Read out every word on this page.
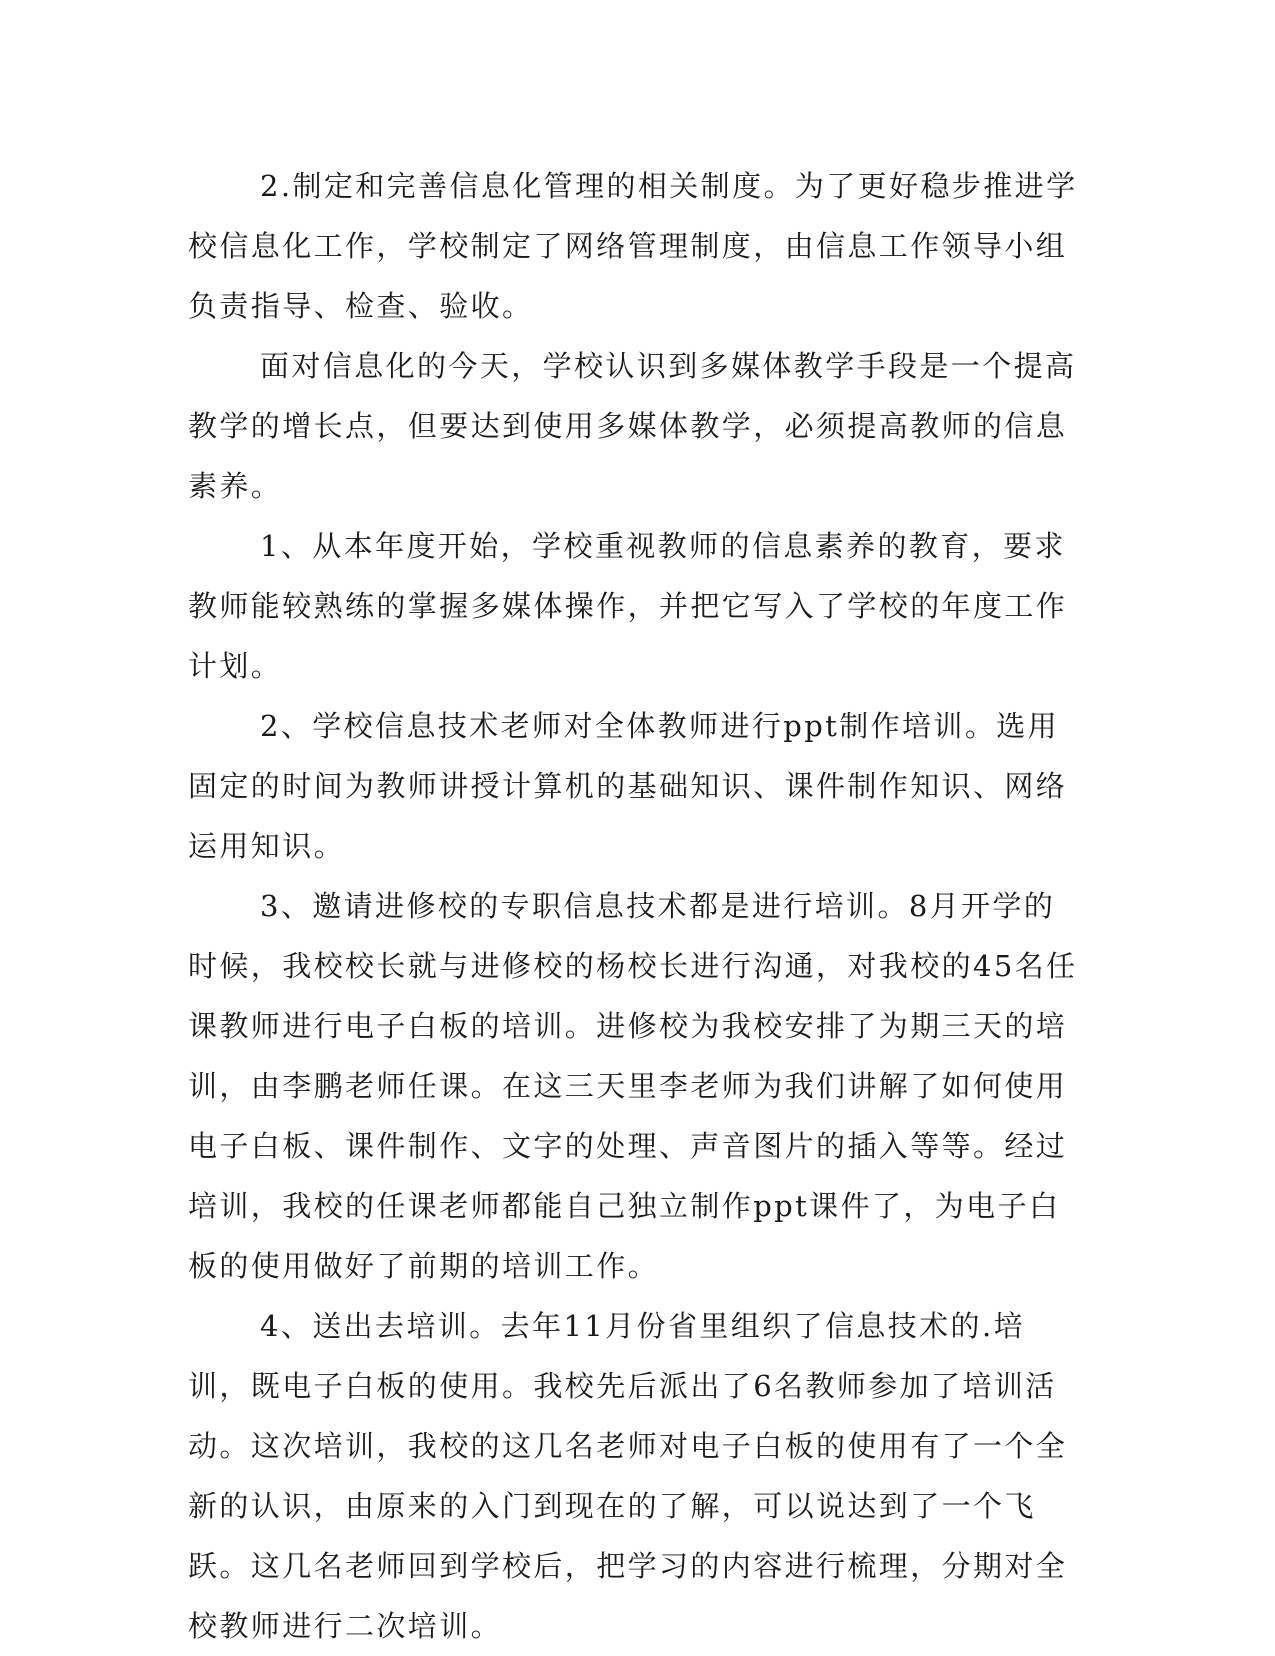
2.制定和完善信息化管理的相关制度。为了更好稳步推进学校信息化工作，学校制定了网络管理制度，由信息工作领导小组负责指导、检查、验收。

面对信息化的今天，学校认识到多媒体教学手段是一个提高教学的增长点，但要达到使用多媒体教学，必须提高教师的信息素养。

1、从本年度开始，学校重视教师的信息素养的教育，要求教师能较熟练的掌握多媒体操作，并把它写入了学校的年度工作计划。

2、学校信息技术老师对全体教师进行ppt制作培训。选用固定的时间为教师讲授计算机的基础知识、课件制作知识、网络运用知识。

3、邀请进修校的专职信息技术都是进行培训。8月开学的时候，我校校长就与进修校的杨校长进行沟通，对我校的45名任课教师进行电子白板的培训。进修校为我校安排了为期三天的培训，由李鹏老师任课。在这三天里李老师为我们讲解了如何使用电子白板、课件制作、文字的处理、声音图片的插入等等。经过培训，我校的任课老师都能自己独立制作ppt课件了，为电子白板的使用做好了前期的培训工作。

4、送出去培训。去年11月份省里组织了信息技术的.培训，既电子白板的使用。我校先后派出了6名教师参加了培训活动。这次培训，我校的这几名老师对电子白板的使用有了一个全新的认识，由原来的入门到现在的了解，可以说达到了一个飞跃。这几名老师回到学校后，把学习的内容进行梳理，分期对全校教师进行二次培训。
